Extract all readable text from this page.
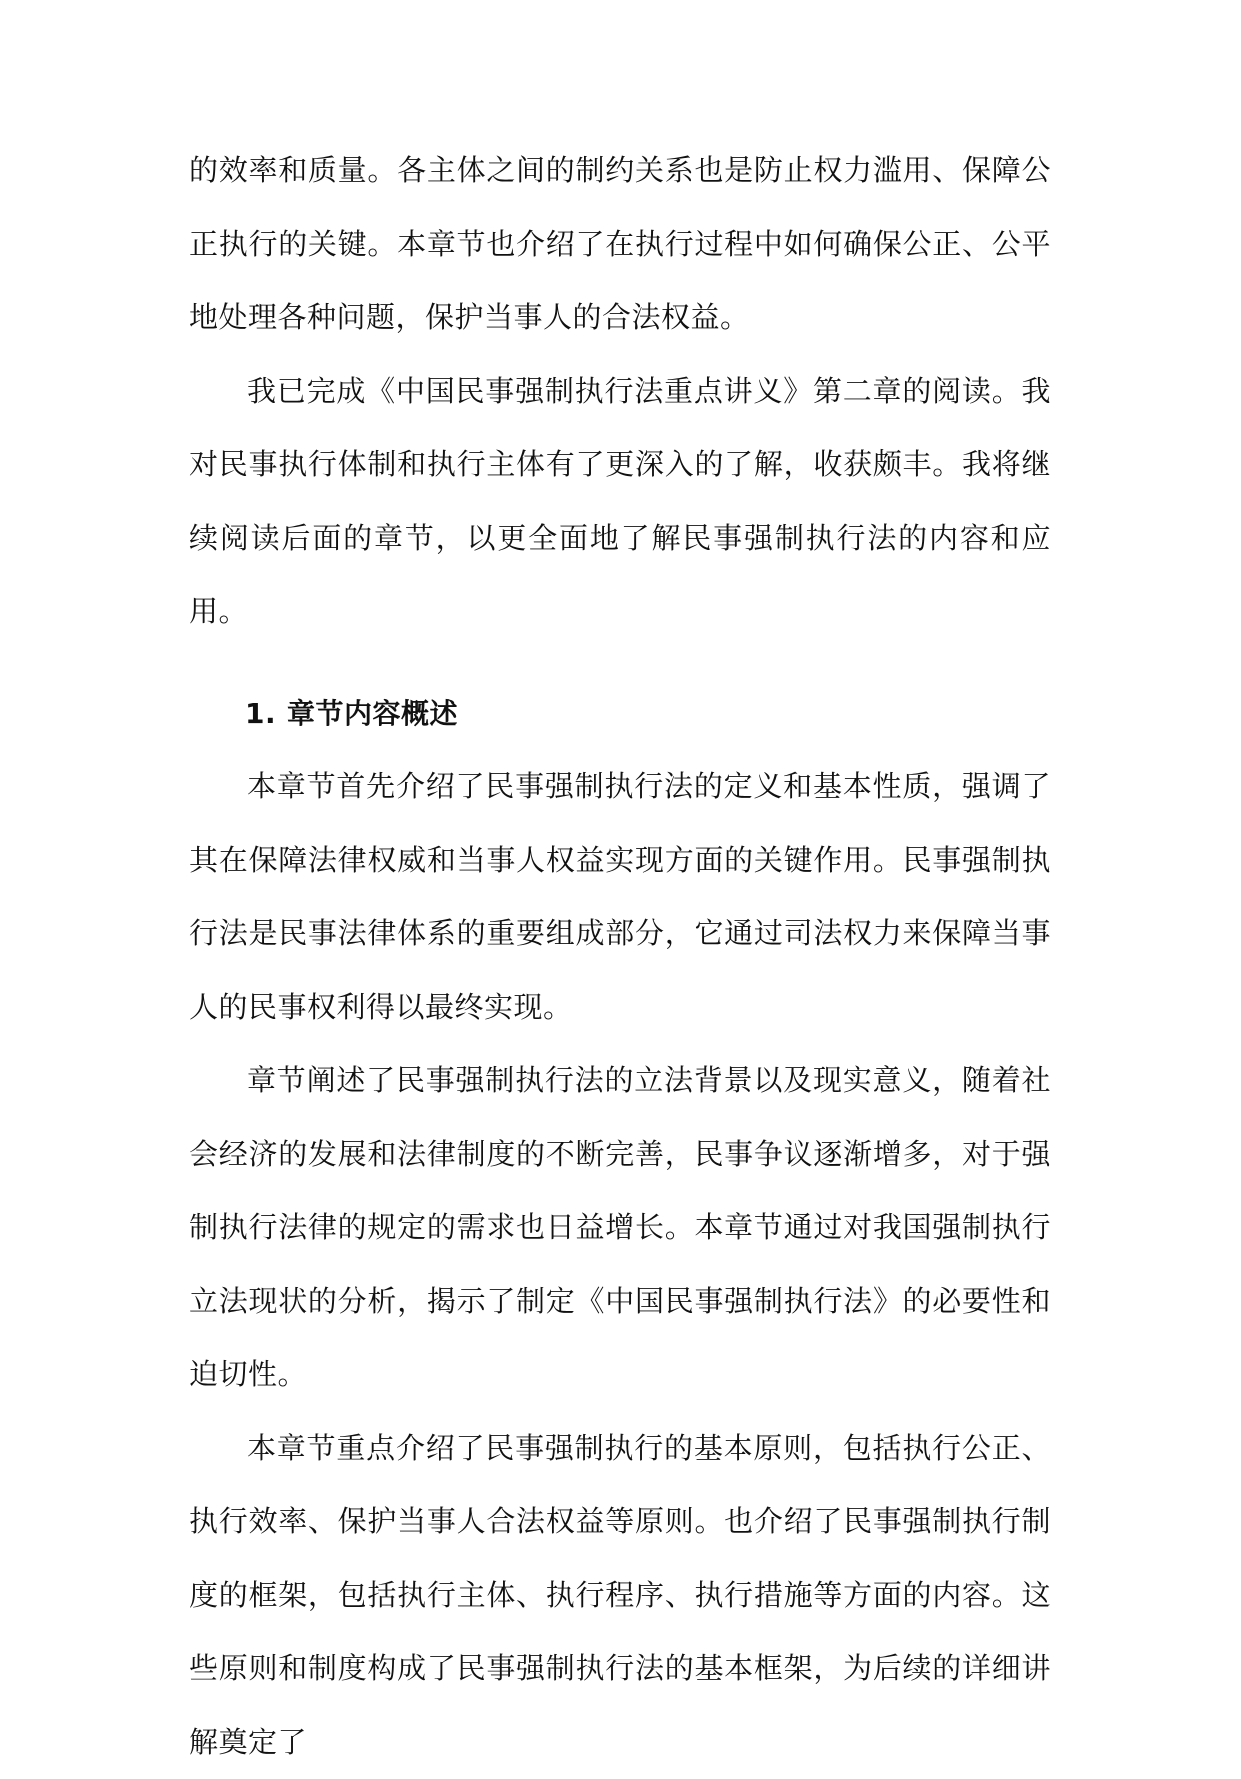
的效率和质量。各主体之间的制约关系也是防止权力滥用、保障公正执行的关键。本章节也介绍了在执行过程中如何确保公正、公平地处理各种问题，保护当事人的合法权益。

我已完成《中国民事强制执行法重点讲义》第二章的阅读。我对民事执行体制和执行主体有了更深入的了解，收获颇丰。我将继续阅读后面的章节，以更全面地了解民事强制执行法的内容和应用。

1. 章节内容概述

本章节首先介绍了民事强制执行法的定义和基本性质，强调了其在保障法律权威和当事人权益实现方面的关键作用。民事强制执行法是民事法律体系的重要组成部分，它通过司法权力来保障当事人的民事权利得以最终实现。

章节阐述了民事强制执行法的立法背景以及现实意义，随着社会经济的发展和法律制度的不断完善，民事争议逐渐增多，对于强制执行法律的规定的需求也日益增长。本章节通过对我国强制执行立法现状的分析，揭示了制定《中国民事强制执行法》的必要性和迫切性。

本章节重点介绍了民事强制执行的基本原则，包括执行公正、执行效率、保护当事人合法权益等原则。也介绍了民事强制执行制度的框架，包括执行主体、执行程序、执行措施等方面的内容。这些原则和制度构成了民事强制执行法的基本框架，为后续的详细讲解奠定了
